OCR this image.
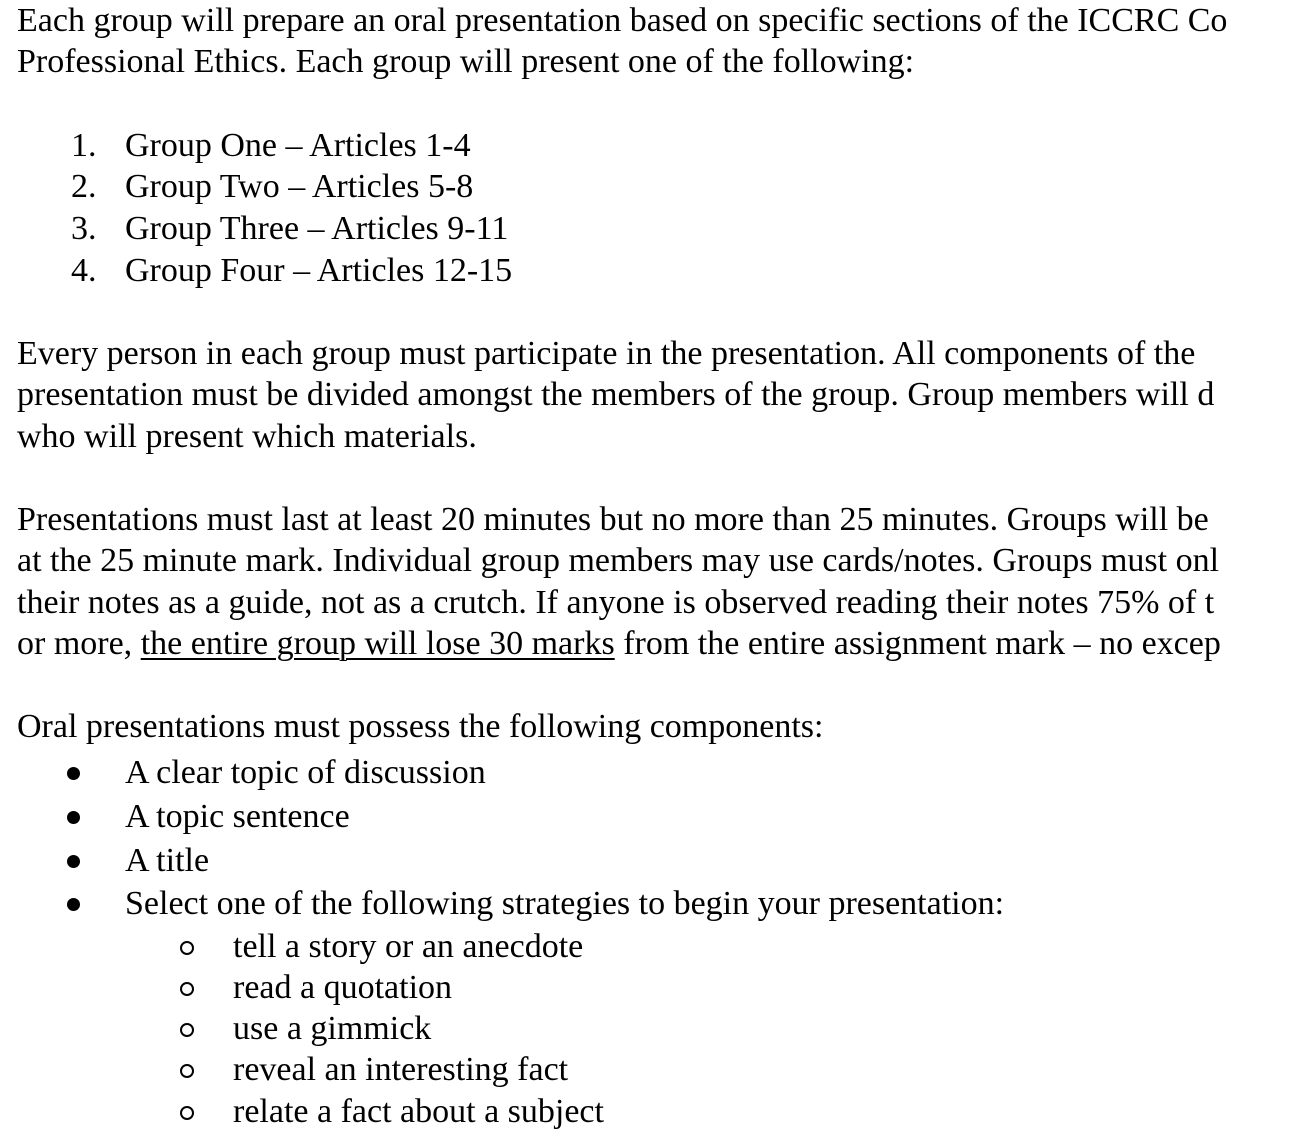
Each group will prepare an oral presentation based on specific sections of the ICCRC Co
Professional Ethics. Each group will present one of the following:
1. Group One – Articles 1-4
2. Group Two – Articles 5-8
3. Group Three – Articles 9-11
4. Group Four – Articles 12-15
Every person in each group must participate in the presentation. All components of the
presentation must be divided amongst the members of the group. Group members will d
who will present which materials.
Presentations must last at least 20 minutes but no more than 25 minutes. Groups will be
at the 25 minute mark. Individual group members may use cards/notes. Groups must onl
their notes as a guide, not as a crutch. If anyone is observed reading their notes 75% of t
or more, the entire group will lose 30 marks from the entire assignment mark – no excep
Oral presentations must possess the following components:
A clear topic of discussion
A topic sentence
A title
Select one of the following strategies to begin your presentation:
tell a story or an anecdote
read a quotation
use a gimmick
reveal an interesting fact
relate a fact about a subject
